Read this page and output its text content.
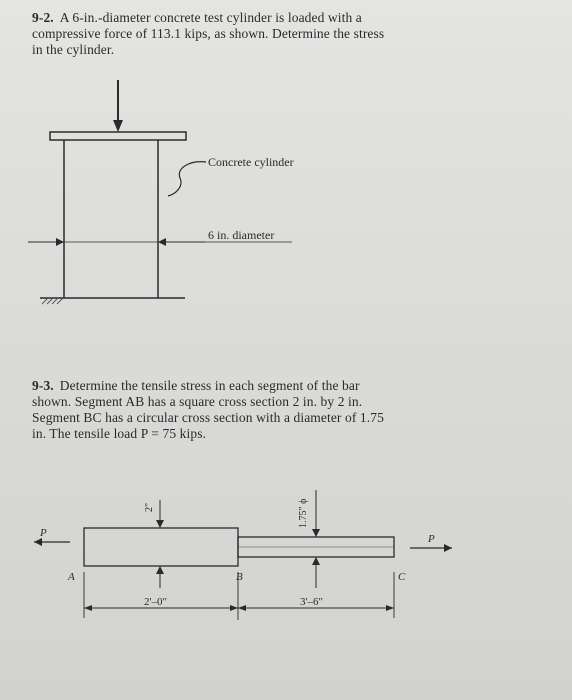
9-2. A 6-in.-diameter concrete test cylinder is loaded with a
compressive force of 113.1 kips, as shown. Determine the stress
in the cylinder.
Concrete cylinder
6 in. diameter
9-3. Determine the tensile stress in each segment of the bar
shown. Segment AB has a square cross section 2 in. by 2 in.
Segment BC has a circular cross section with a diameter of 1.75
in. The tensile load P = 75 kips.
P	P
A	B	C
2'–0"	3'–6"
2"	1.75" ϕ
